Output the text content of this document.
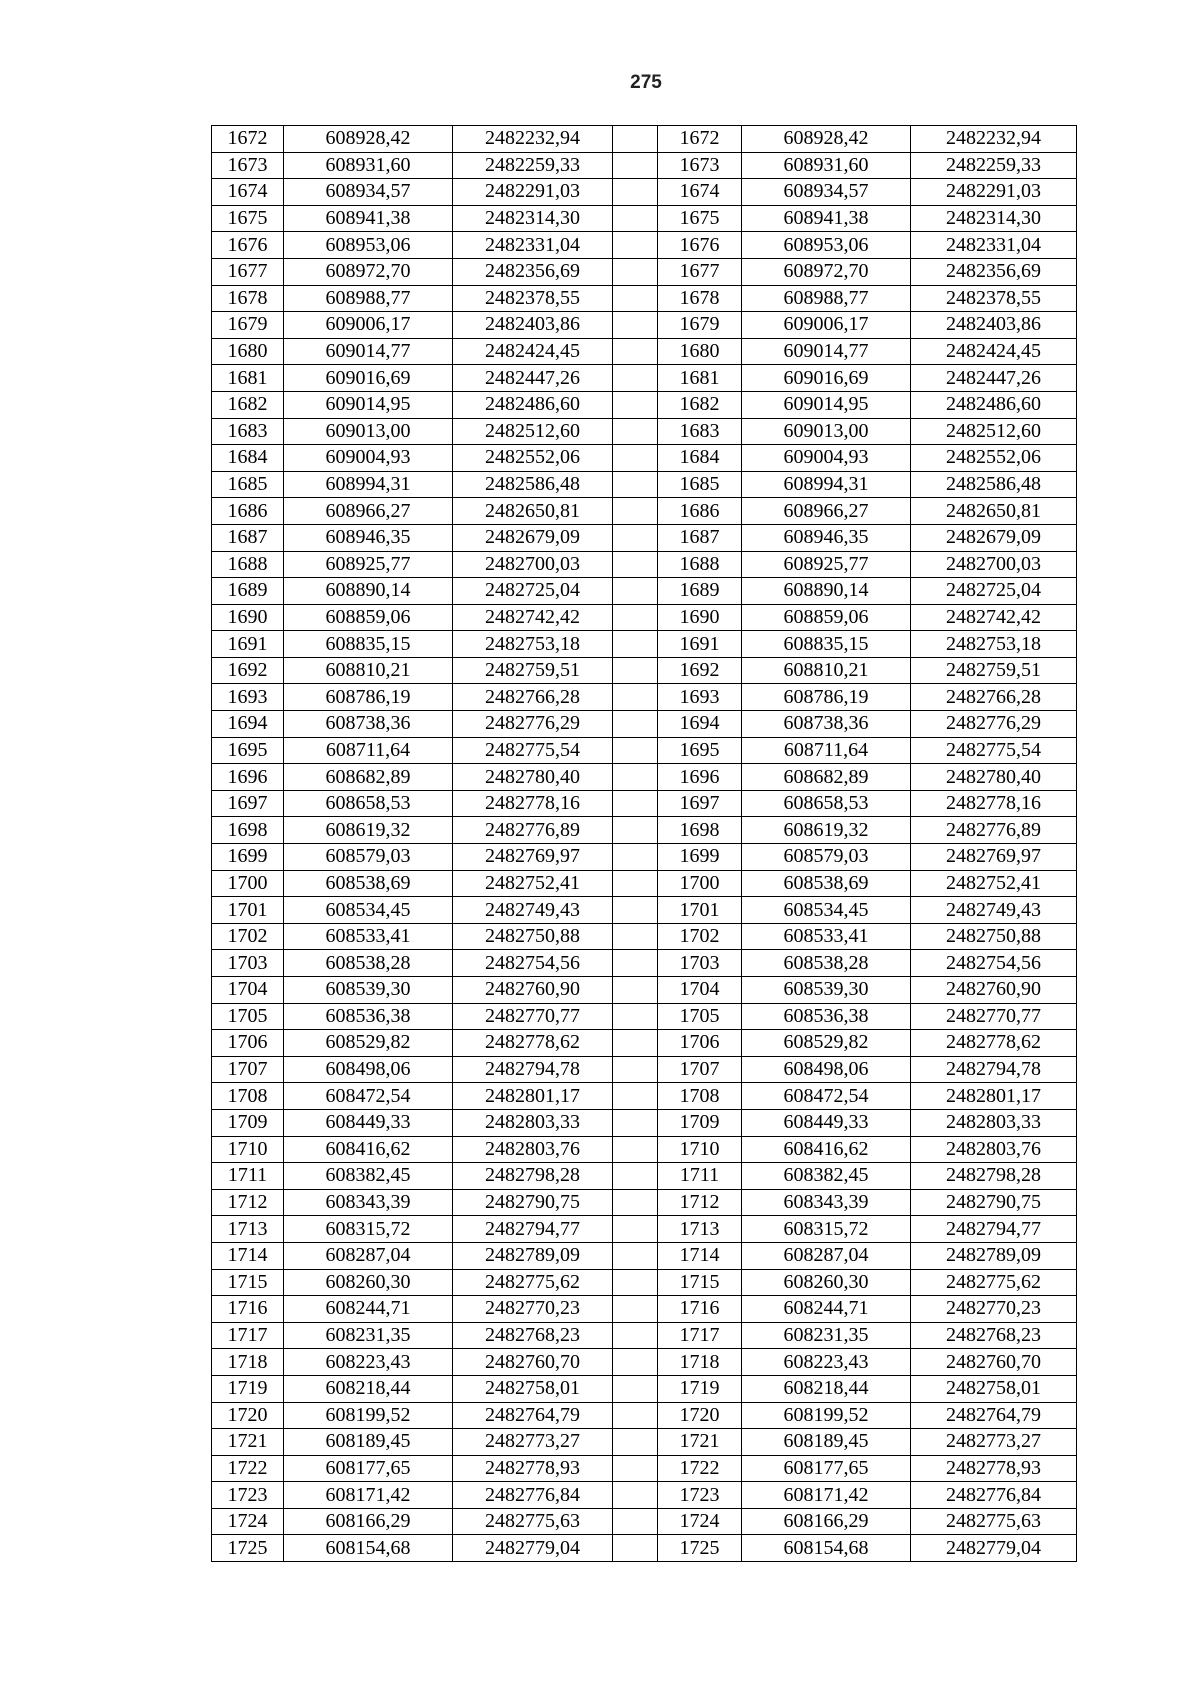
275
1672	608928,42	2482232,94		1672	608928,42	2482232,94
1673	608931,60	2482259,33		1673	608931,60	2482259,33
1674	608934,57	2482291,03		1674	608934,57	2482291,03
1675	608941,38	2482314,30		1675	608941,38	2482314,30
1676	608953,06	2482331,04		1676	608953,06	2482331,04
1677	608972,70	2482356,69		1677	608972,70	2482356,69
1678	608988,77	2482378,55		1678	608988,77	2482378,55
1679	609006,17	2482403,86		1679	609006,17	2482403,86
1680	609014,77	2482424,45		1680	609014,77	2482424,45
1681	609016,69	2482447,26		1681	609016,69	2482447,26
1682	609014,95	2482486,60		1682	609014,95	2482486,60
1683	609013,00	2482512,60		1683	609013,00	2482512,60
1684	609004,93	2482552,06		1684	609004,93	2482552,06
1685	608994,31	2482586,48		1685	608994,31	2482586,48
1686	608966,27	2482650,81		1686	608966,27	2482650,81
1687	608946,35	2482679,09		1687	608946,35	2482679,09
1688	608925,77	2482700,03		1688	608925,77	2482700,03
1689	608890,14	2482725,04		1689	608890,14	2482725,04
1690	608859,06	2482742,42		1690	608859,06	2482742,42
1691	608835,15	2482753,18		1691	608835,15	2482753,18
1692	608810,21	2482759,51		1692	608810,21	2482759,51
1693	608786,19	2482766,28		1693	608786,19	2482766,28
1694	608738,36	2482776,29		1694	608738,36	2482776,29
1695	608711,64	2482775,54		1695	608711,64	2482775,54
1696	608682,89	2482780,40		1696	608682,89	2482780,40
1697	608658,53	2482778,16		1697	608658,53	2482778,16
1698	608619,32	2482776,89		1698	608619,32	2482776,89
1699	608579,03	2482769,97		1699	608579,03	2482769,97
1700	608538,69	2482752,41		1700	608538,69	2482752,41
1701	608534,45	2482749,43		1701	608534,45	2482749,43
1702	608533,41	2482750,88		1702	608533,41	2482750,88
1703	608538,28	2482754,56		1703	608538,28	2482754,56
1704	608539,30	2482760,90		1704	608539,30	2482760,90
1705	608536,38	2482770,77		1705	608536,38	2482770,77
1706	608529,82	2482778,62		1706	608529,82	2482778,62
1707	608498,06	2482794,78		1707	608498,06	2482794,78
1708	608472,54	2482801,17		1708	608472,54	2482801,17
1709	608449,33	2482803,33		1709	608449,33	2482803,33
1710	608416,62	2482803,76		1710	608416,62	2482803,76
1711	608382,45	2482798,28		1711	608382,45	2482798,28
1712	608343,39	2482790,75		1712	608343,39	2482790,75
1713	608315,72	2482794,77		1713	608315,72	2482794,77
1714	608287,04	2482789,09		1714	608287,04	2482789,09
1715	608260,30	2482775,62		1715	608260,30	2482775,62
1716	608244,71	2482770,23		1716	608244,71	2482770,23
1717	608231,35	2482768,23		1717	608231,35	2482768,23
1718	608223,43	2482760,70		1718	608223,43	2482760,70
1719	608218,44	2482758,01		1719	608218,44	2482758,01
1720	608199,52	2482764,79		1720	608199,52	2482764,79
1721	608189,45	2482773,27		1721	608189,45	2482773,27
1722	608177,65	2482778,93		1722	608177,65	2482778,93
1723	608171,42	2482776,84		1723	608171,42	2482776,84
1724	608166,29	2482775,63		1724	608166,29	2482775,63
1725	608154,68	2482779,04		1725	608154,68	2482779,04
